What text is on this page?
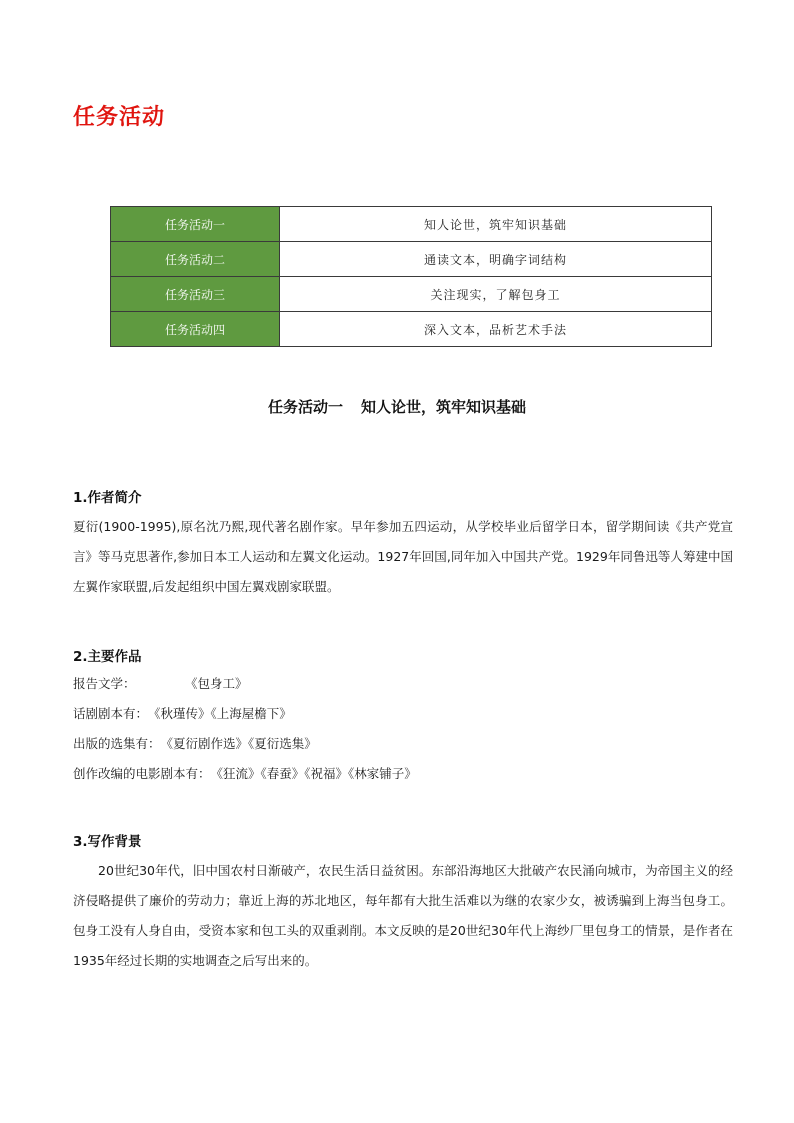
任务活动
任务活动一	知人论世，筑牢知识基础
任务活动二	通读文本，明确字词结构
任务活动三	关注现实，了解包身工
任务活动四	深入文本，品析艺术手法
任务活动一 知人论世，筑牢知识基础
1.作者简介
夏衍(1900-1995),原名沈乃熙,现代著名剧作家。早年参加五四运动，从学校毕业后留学日本，留学期间读《共产党宣言》等马克思著作,参加日本工人运动和左翼文化运动。1927年回国,同年加入中国共产党。1929年同鲁迅等人筹建中国左翼作家联盟,后发起组织中国左翼戏剧家联盟。
2.主要作品
报告文学：	《包身工》
话剧剧本有：《秋瑾传》《上海屋檐下》
出版的选集有：《夏衍剧作选》《夏衍选集》
创作改编的电影剧本有：《狂流》《春蚕》《祝福》《林家铺子》
3.写作背景
20世纪30年代，旧中国农村日渐破产，农民生活日益贫困。东部沿海地区大批破产农民涌向城市，为帝国主义的经济侵略提供了廉价的劳动力；靠近上海的苏北地区，每年都有大批生活难以为继的农家少女，被诱骗到上海当包身工。包身工没有人身自由，受资本家和包工头的双重剥削。本文反映的是20世纪30年代上海纱厂里包身工的情景，是作者在1935年经过长期的实地调查之后写出来的。
